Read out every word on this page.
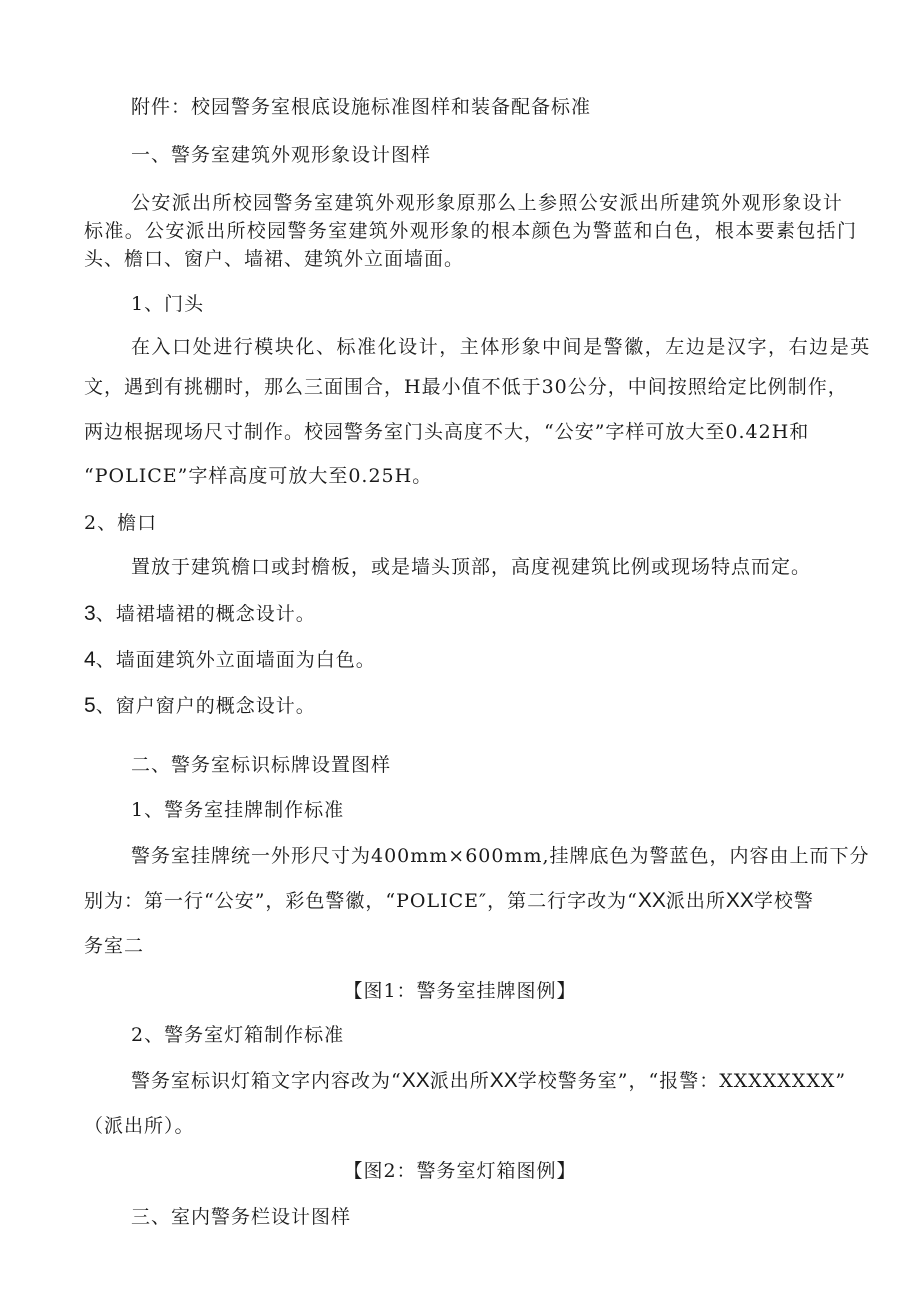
附件：校园警务室根底设施标准图样和装备配备标准
一、警务室建筑外观形象设计图样
公安派出所校园警务室建筑外观形象原那么上参照公安派出所建筑外观形象设计
标准。公安派出所校园警务室建筑外观形象的根本颜色为警蓝和白色，根本要素包括门
头、檐口、窗户、墙裙、建筑外立面墙面。
1、门头
在入口处进行模块化、标准化设计，主体形象中间是警徽，左边是汉字，右边是英
文，遇到有挑棚时，那么三面围合，H最小值不低于30公分，中间按照给定比例制作，
两边根据现场尺寸制作。校园警务室门头高度不大，“公安”字样可放大至0.42H和
“POLICE”字样高度可放大至0.25H。
2、檐口
置放于建筑檐口或封檐板，或是墙头顶部，高度视建筑比例或现场特点而定。
3、墙裙墙裙的概念设计。
4、墙面建筑外立面墙面为白色。
5、窗户窗户的概念设计。
二、警务室标识标牌设置图样
1、警务室挂牌制作标准
警务室挂牌统一外形尺寸为400mm×600mm,挂牌底色为警蓝色，内容由上而下分
别为：第一行“公安”，彩色警徽，“POLICE″，第二行字改为“XX派出所XX学校警
务室二
【图1：警务室挂牌图例】
2、警务室灯箱制作标准
警务室标识灯箱文字内容改为“XX派出所XX学校警务室”，“报警：XXXXXXXX”
（派出所）。
【图2：警务室灯箱图例】
三、室内警务栏设计图样
